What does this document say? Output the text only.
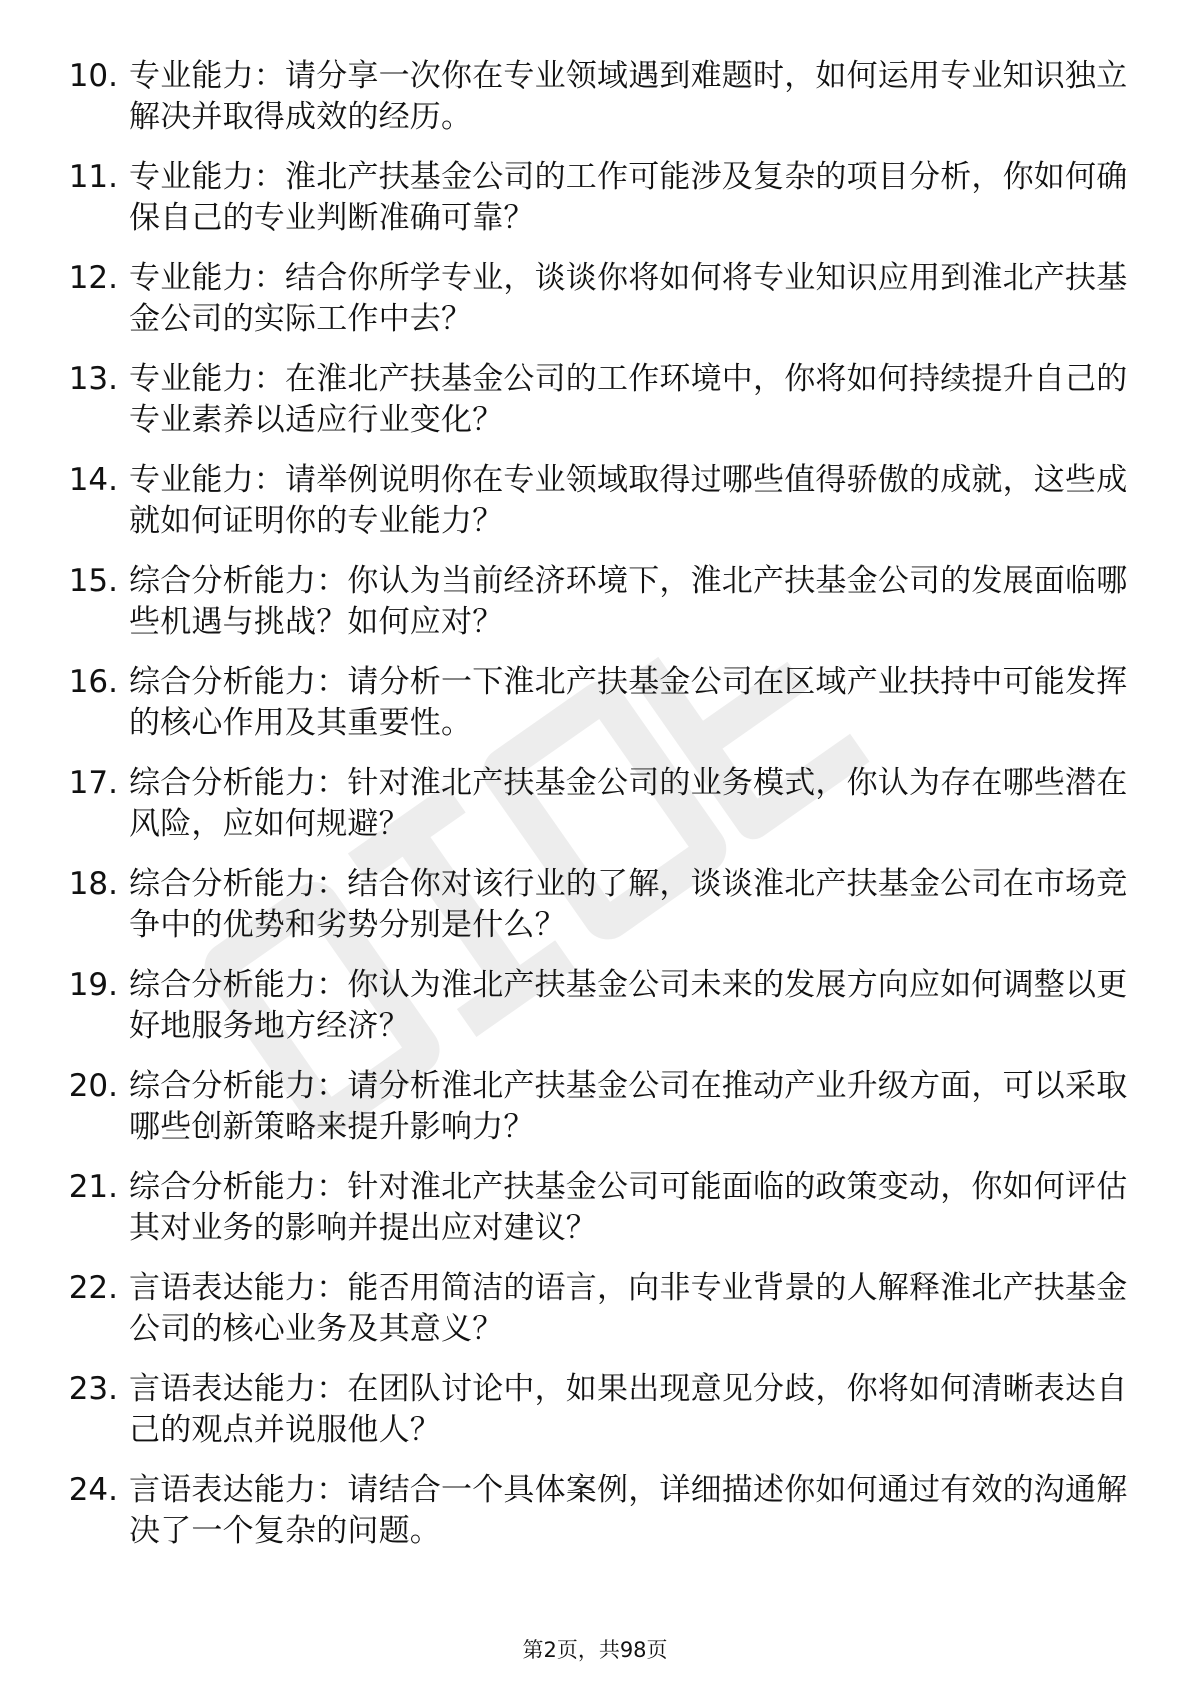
10. 专业能力：请分享一次你在专业领域遇到难题时，如何运用专业知识独立解决并取得成效的经历。
11. 专业能力：淮北产扶基金公司的工作可能涉及复杂的项目分析，你如何确保自己的专业判断准确可靠？
12. 专业能力：结合你所学专业，谈谈你将如何将专业知识应用到淮北产扶基金公司的实际工作中去？
13. 专业能力：在淮北产扶基金公司的工作环境中，你将如何持续提升自己的专业素养以适应行业变化？
14. 专业能力：请举例说明你在专业领域取得过哪些值得骄傲的成就，这些成就如何证明你的专业能力？
15. 综合分析能力：你认为当前经济环境下，淮北产扶基金公司的发展面临哪些机遇与挑战？如何应对？
16. 综合分析能力：请分析一下淮北产扶基金公司在区域产业扶持中可能发挥的核心作用及其重要性。
17. 综合分析能力：针对淮北产扶基金公司的业务模式，你认为存在哪些潜在风险，应如何规避？
18. 综合分析能力：结合你对该行业的了解，谈谈淮北产扶基金公司在市场竞争中的优势和劣势分别是什么？
19. 综合分析能力：你认为淮北产扶基金公司未来的发展方向应如何调整以更好地服务地方经济？
20. 综合分析能力：请分析淮北产扶基金公司在推动产业升级方面，可以采取哪些创新策略来提升影响力？
21. 综合分析能力：针对淮北产扶基金公司可能面临的政策变动，你如何评估其对业务的影响并提出应对建议？
22. 言语表达能力：能否用简洁的语言，向非专业背景的人解释淮北产扶基金公司的核心业务及其意义？
23. 言语表达能力：在团队讨论中，如果出现意见分歧，你将如何清晰表达自己的观点并说服他人？
24. 言语表达能力：请结合一个具体案例，详细描述你如何通过有效的沟通解决了一个复杂的问题。
第2页，共98页
